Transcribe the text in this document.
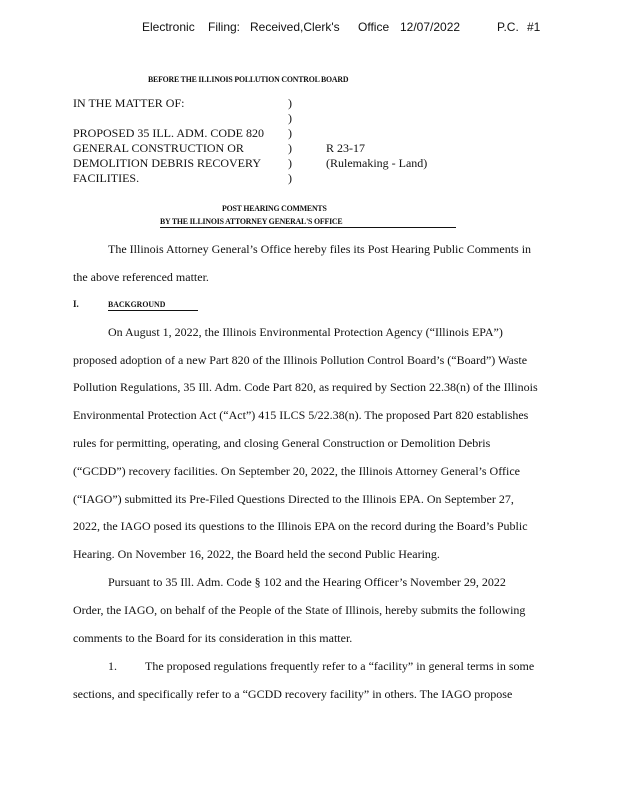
Electronic Filing: Received,Clerk's Office 12/07/2022	P.C. #1
BEFORE THE ILLINOIS POLLUTION CONTROL BOARD
IN THE MATTER OF:
PROPOSED 35 ILL. ADM. CODE 820
GENERAL CONSTRUCTION OR
DEMOLITION DEBRIS RECOVERY
FACILITIES.
)
)
)
)
)
)
R 23-17
(Rulemaking - Land)
POST HEARING COMMENTS
BY THE ILLINOIS ATTORNEY GENERAL'S OFFICE
The Illinois Attorney General’s Office hereby files its Post Hearing Public Comments in
the above referenced matter.
I.	BACKGROUND
On August 1, 2022, the Illinois Environmental Protection Agency (“Illinois EPA”)
proposed adoption of a new Part 820 of the Illinois Pollution Control Board’s (“Board”) Waste
Pollution Regulations, 35 Ill. Adm. Code Part 820, as required by Section 22.38(n) of the Illinois
Environmental Protection Act (“Act”) 415 ILCS 5/22.38(n). The proposed Part 820 establishes
rules for permitting, operating, and closing General Construction or Demolition Debris
(“GCDD”) recovery facilities. On September 20, 2022, the Illinois Attorney General’s Office
(“IAGO”) submitted its Pre-Filed Questions Directed to the Illinois EPA. On September 27,
2022, the IAGO posed its questions to the Illinois EPA on the record during the Board’s Public
Hearing. On November 16, 2022, the Board held the second Public Hearing.
Pursuant to 35 Ill. Adm. Code § 102 and the Hearing Officer’s November 29, 2022
Order, the IAGO, on behalf of the People of the State of Illinois, hereby submits the following
comments to the Board for its consideration in this matter.
1. The proposed regulations frequently refer to a “facility” in general terms in some
sections, and specifically refer to a “GCDD recovery facility” in others. The IAGO propose
